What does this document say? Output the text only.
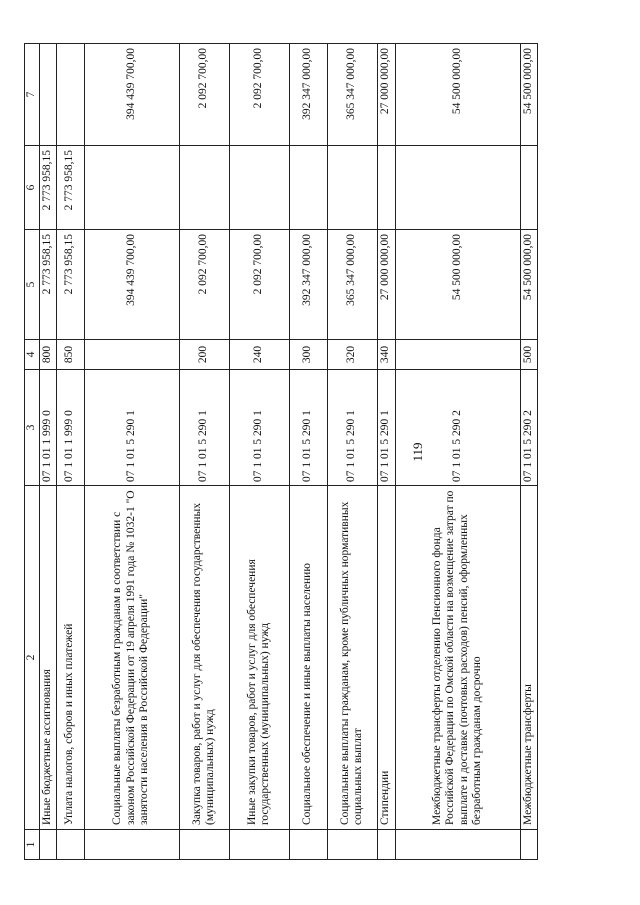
119
1	2	3	4	5	6	7
	Иные бюджетные ассигнования	07 1 01 1 999 0	800	2 773 958,15	2 773 958,15	
	Уплата налогов, сборов и иных платежей	07 1 01 1 999 0	850	2 773 958,15	2 773 958,15	
	Социальные выплаты безработным гражданам в соответствии с законом Российской Федерации от 19 апреля 1991 года № 1032-1 "О занятости населения в Российской Федерации"	07 1 01 5 290 1		394 439 700,00		394 439 700,00
	Закупка товаров, работ и услуг для обеспечения государственных (муниципальных) нужд	07 1 01 5 290 1	200	2 092 700,00		2 092 700,00
	Иные закупки товаров, работ и услуг для обеспечения государственных (муниципальных) нужд	07 1 01 5 290 1	240	2 092 700,00		2 092 700,00
	Социальное обеспечение и иные выплаты населению	07 1 01 5 290 1	300	392 347 000,00		392 347 000,00
	Социальные выплаты гражданам, кроме публичных нормативных социальных выплат	07 1 01 5 290 1	320	365 347 000,00		365 347 000,00
	Стипендии	07 1 01 5 290 1	340	27 000 000,00		27 000 000,00
	Межбюджетные трансферты отделению Пенсионного фонда Российской Федерации по Омской области на возмещение затрат по выплате и доставке (почтовых расходов) пенсий, оформленных безработным гражданам досрочно	07 1 01 5 290 2		54 500 000,00		54 500 000,00
	Межбюджетные трансферты	07 1 01 5 290 2	500	54 500 000,00		54 500 000,00
